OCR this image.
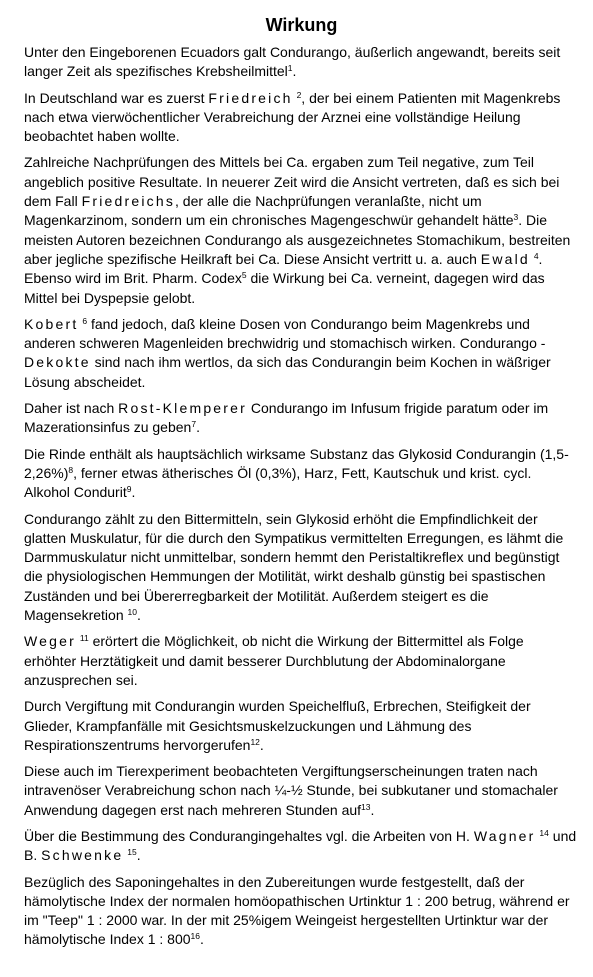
Wirkung

Unter den Eingeborenen Ecuadors galt Condurango, äußerlich angewandt, bereits seit langer Zeit als spezifisches Krebsheilmittel$^1$.

In Deutschland war es zuerst Friedreich $^2$, der bei einem Patienten mit Magenkrebs nach etwa vierwöchentlicher Verabreichung der Arznei eine vollständige Heilung beobachtet haben wollte.

Zahlreiche Nachprüfungen des Mittels bei Ca. ergaben zum Teil negative, zum Teil angeblich positive Resultate. In neuerer Zeit wird die Ansicht vertreten, daß es sich bei dem Fall Friedreichs, der alle die Nachprüfungen veranlaßte, nicht um Magenkarzinom, sondern um ein chronisches Magengeschwür gehandelt hätte$^3$. Die meisten Autoren bezeichnen Condurango als ausgezeichnetes Stomachikum, bestreiten aber jegliche spezifische Heilkraft bei Ca. Diese Ansicht vertritt u. a. auch Ewald $^4$. Ebenso wird im Brit. Pharm. Codex$^5$ die Wirkung bei Ca. verneint, dagegen wird das Mittel bei Dyspepsie gelobt.

Kobert $^6$ fand jedoch, daß kleine Dosen von Condurango beim Magenkrebs und anderen schweren Magenleiden brechwidrig und stomachisch wirken. Condurango - Dekokte sind nach ihm wertlos, da sich das Condurangin beim Kochen in wäßriger Lösung abscheidet.

Daher ist nach Rost-Klemperer Condurango im Infusum frigide paratum oder im Mazerationsinfus zu geben$^7$.

Die Rinde enthält als hauptsächlich wirksame Substanz das Glykosid Condurangin $(1,5-2,26\%)^8$, ferner etwas ätherisches Öl (0,3%), Harz, Fett, Kautschuk und krist. cycl. Alkohol Condurit$^9$.

Condurango zählt zu den Bittermitteln, sein Glykosid erhöht die Empfindlichkeit der glatten Muskulatur, für die durch den Sympatikus vermittelten Erregungen, es lähmt die Darmmuskulatur nicht unmittelbar, sondern hemmt den Peristaltikreflex und begünstigt die physiologischen Hemmungen der Motilität, wirkt deshalb günstig bei spastischen Zuständen und bei Übererregbarkeit der Motilität. Außerdem steigert es die Magensekretion $^{10}$.

Weger $^{11}$ erörtert die Möglichkeit, ob nicht die Wirkung der Bittermittel als Folge erhöhter Herztätigkeit und damit besserer Durchblutung der Abdominalorgane anzusprechen sei.

Durch Vergiftung mit Condurangin wurden Speichelfluß, Erbrechen, Steifigkeit der Glieder, Krampfanfälle mit Gesichtsmuskelzuckungen und Lähmung des Respirationszentrums hervorgerufen$^{12}$.

Diese auch im Tierexperiment beobachteten Vergiftungserscheinungen traten nach intravenöser Verabreichung schon nach ¼-½ Stunde, bei subkutaner und stomachaler Anwendung dagegen erst nach mehreren Stunden auf$^{13}$.

Über die Bestimmung des Condurangingehaltes vgl. die Arbeiten von H. Wagner $^{14}$ und B. Schwenke $^{15}$.

Bezüglich des Saponingehaltes in den Zubereitungen wurde festgestellt, daß der hämolytische Index der normalen homöopathischen Urtinktur 1 : 200 betrug, während er im "Teep" 1 : 2000 war. In der mit 25%igem Weingeist hergestellten Urtinktur war der hämolytische Index 1 : $800^{16}$.
